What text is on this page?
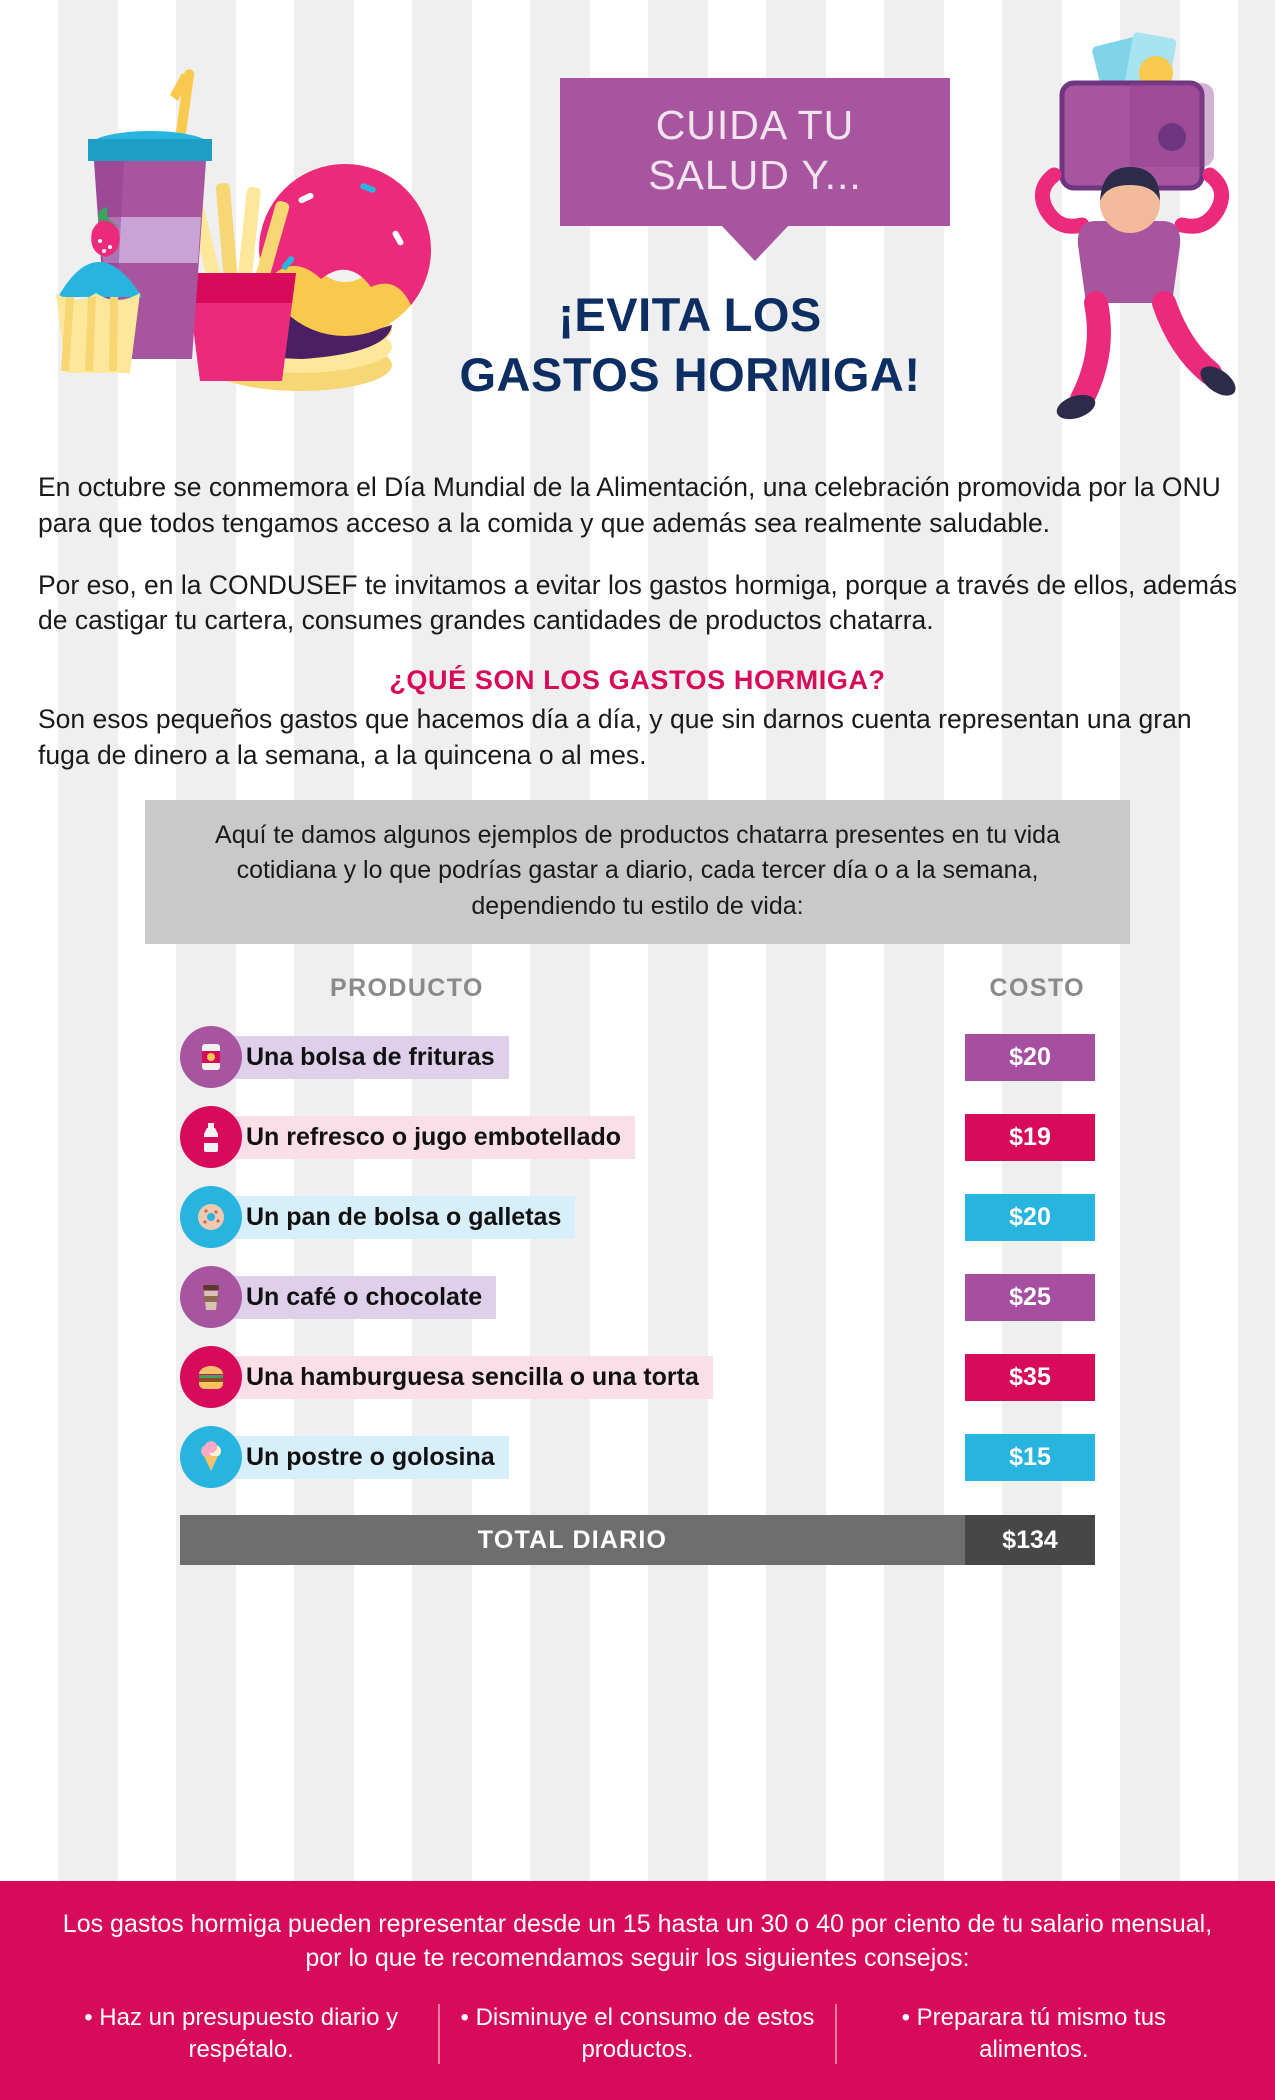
CUIDA TU
SALUD Y...
¡EVITA LOS
GASTOS HORMIGA!

En octubre se conmemora el Día Mundial de la Alimentación, una celebración promovida por la ONU para que todos tengamos acceso a la comida y que además sea realmente saludable.

Por eso, en la CONDUSEF te invitamos a evitar los gastos hormiga, porque a través de ellos, además de castigar tu cartera, consumes grandes cantidades de productos chatarra.

¿QUÉ SON LOS GASTOS HORMIGA?
Son esos pequeños gastos que hacemos día a día, y que sin darnos cuenta representan una gran fuga de dinero a la semana, a la quincena o al mes.
Aquí te damos algunos ejemplos de productos chatarra presentes en tu vida cotidiana y lo que podrías gastar a diario, cada tercer día o a la semana, dependiendo tu estilo de vida:
PRODUCTO	COSTO
Una bolsa de frituras	$20
Un refresco o jugo embotellado	$19
Un pan de bolsa o galletas	$20
Un café o chocolate	$25
Una hamburguesa sencilla o una torta	$35
Un postre o golosina	$15
TOTAL DIARIO	$134
Los gastos hormiga pueden representar desde un 15 hasta un 30 o 40 por ciento de tu salario mensual, por lo que te recomendamos seguir los siguientes consejos:
• Haz un presupuesto diario y respétalo.
• Disminuye el consumo de estos productos.
• Preparara tú mismo tus alimentos.
